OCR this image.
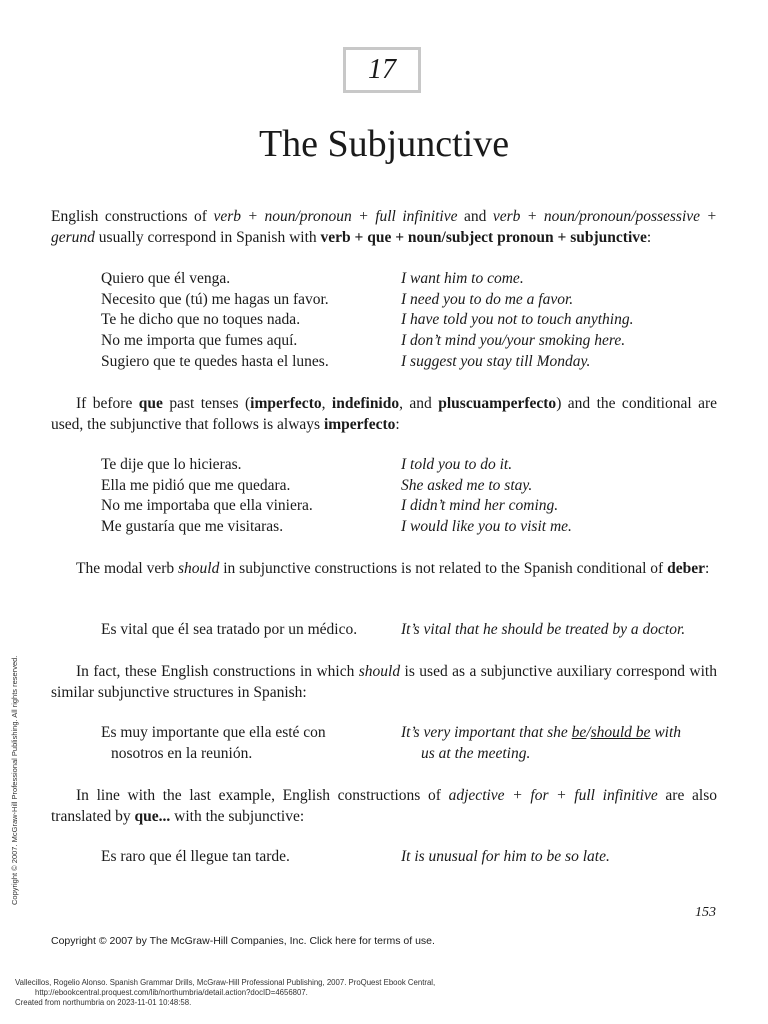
17
The Subjunctive

English constructions of verb + noun/pronoun + full infinitive and verb + noun/pronoun/possessive + gerund usually correspond in Spanish with verb + que + noun/subject pronoun + subjunctive:

Quiero que él venga.	I want him to come.
Necesito que (tú) me hagas un favor.	I need you to do me a favor.
Te he dicho que no toques nada.	I have told you not to touch anything.
No me importa que fumes aquí.	I don’t mind you/your smoking here.
Sugiero que te quedes hasta el lunes.	I suggest you stay till Monday.

If before que past tenses (imperfecto, indefinido, and pluscuamperfecto) and the conditional are used, the subjunctive that follows is always imperfecto:

Te dije que lo hicieras.	I told you to do it.
Ella me pidió que me quedara.	She asked me to stay.
No me importaba que ella viniera.	I didn’t mind her coming.
Me gustaría que me visitaras.	I would like you to visit me.

The modal verb should in subjunctive constructions is not related to the Spanish conditional of deber:

Es vital que él sea tratado por un médico.	It’s vital that he should be treated by a doctor.

In fact, these English constructions in which should is used as a subjunctive auxiliary correspond with similar subjunctive structures in Spanish:

Es muy importante que ella esté con	It’s very important that she be/should be with
nosotros en la reunión.	us at the meeting.

In line with the last example, English constructions of adjective + for + full infinitive are also translated by que... with the subjunctive:

Es raro que él llegue tan tarde.	It is unusual for him to be so late.
153
Copyright © 2007 by The McGraw-Hill Companies, Inc. Click here for terms of use.
Vallecillos, Rogelio Alonso. Spanish Grammar Drills, McGraw-Hill Professional Publishing, 2007. ProQuest Ebook Central,
http://ebookcentral.proquest.com/lib/northumbria/detail.action?docID=4656807.
Created from northumbria on 2023-11-01 10:48:58.
Copyright © 2007. McGraw-Hill Professional Publishing. All rights reserved.
